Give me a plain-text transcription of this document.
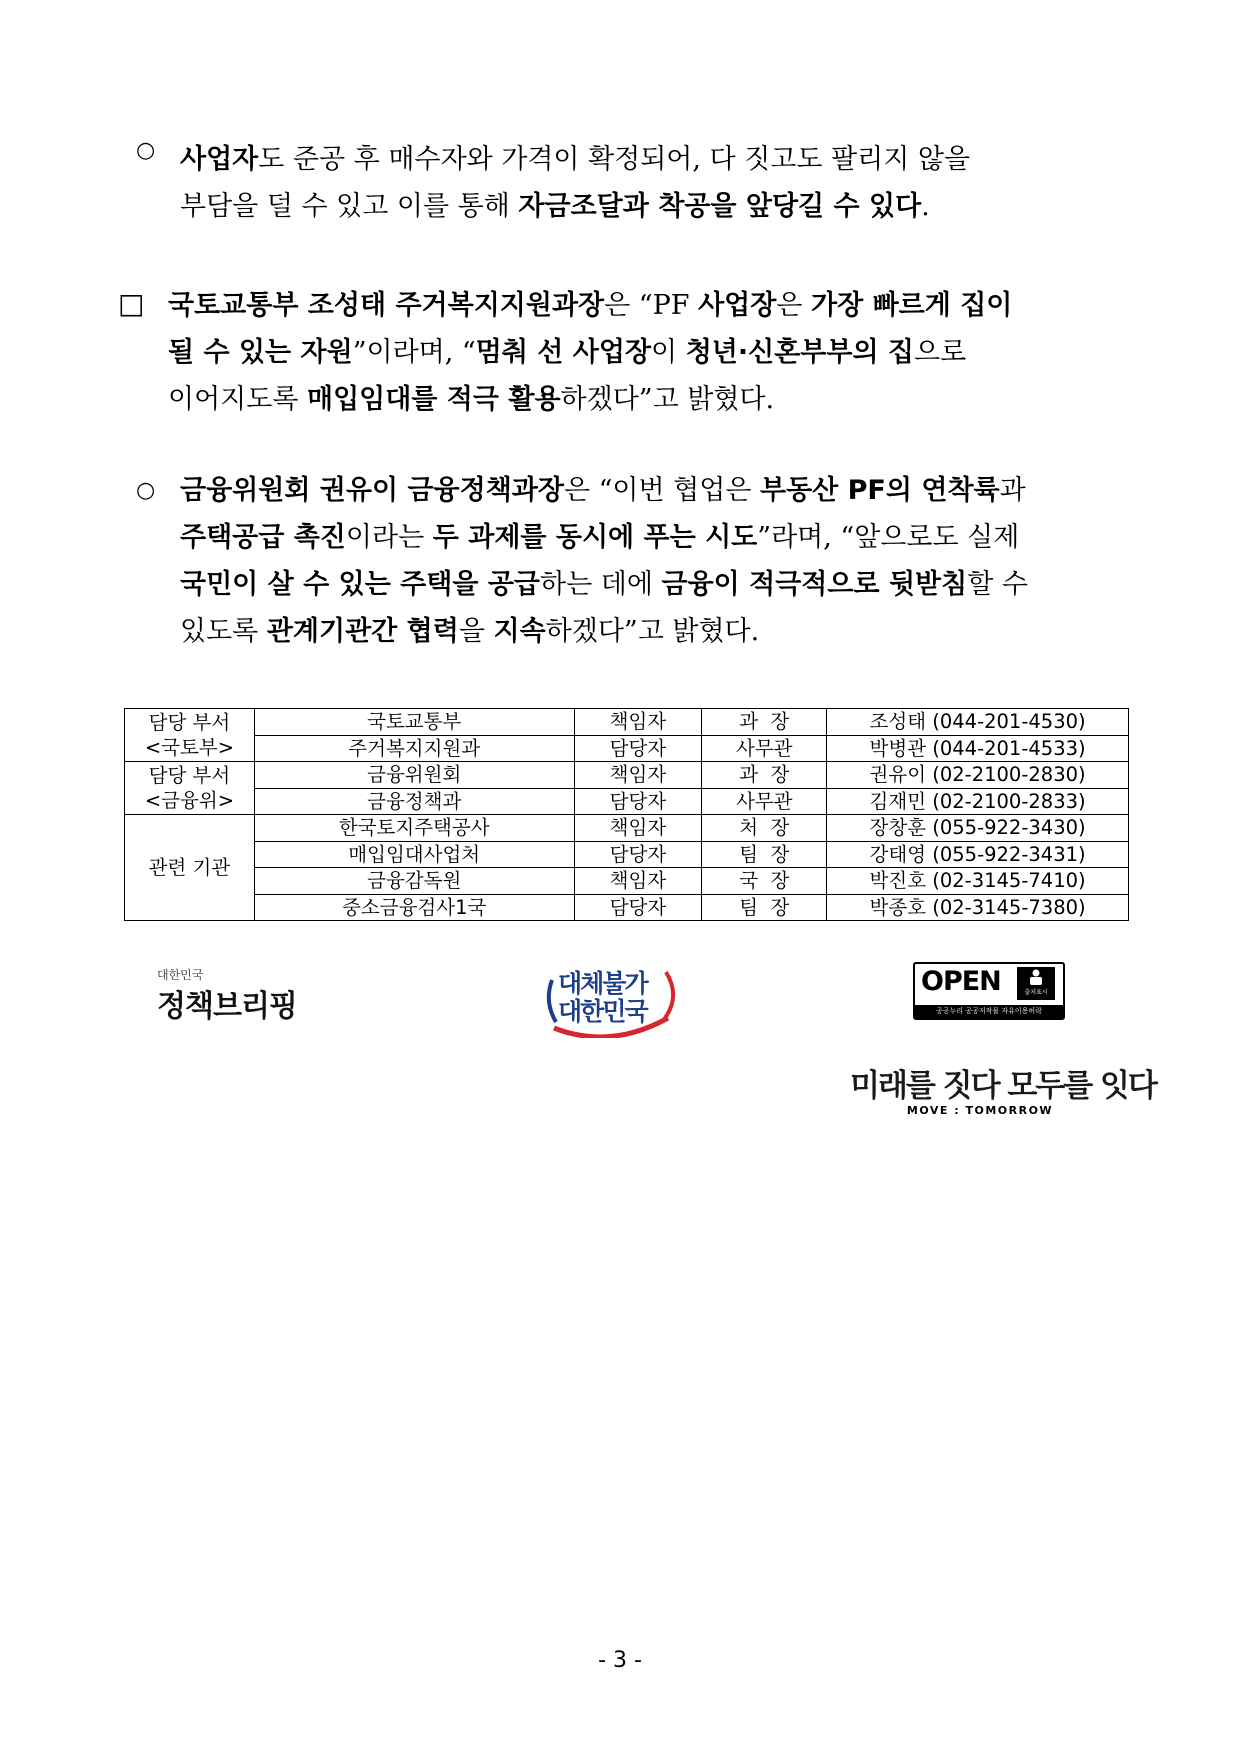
○ 사업자도 준공 후 매수자와 가격이 확정되어, 다 짓고도 팔리지 않을
부담을 덜 수 있고 이를 통해 자금조달과 착공을 앞당길 수 있다.
□ 국토교통부 조성태 주거복지지원과장은 “PF 사업장은 가장 빠르게 집이
될 수 있는 자원”이라며, “멈춰 선 사업장이 청년·신혼부부의 집으로
이어지도록 매입임대를 적극 활용하겠다”고 밝혔다.
○ 금융위원회 권유이 금융정책과장은 “이번 협업은 부동산 PF의 연착륙과
주택공급 촉진이라는 두 과제를 동시에 푸는 시도”라며, “앞으로도 실제
국민이 살 수 있는 주택을 공급하는 데에 금융이 적극적으로 뒷받침할 수
있도록 관계기관간 협력을 지속하겠다”고 밝혔다.
담당 부서
<국토부>	국토교통부	책임자	과  장	조성태 (044-201-4530)
	주거복지지원과	담당자	사무관	박병관 (044-201-4533)

담당 부서
<금융위>	금융위원회	책임자	과  장	권유이 (02-2100-2830)
	금융정책과	담당자	사무관	김재민 (02-2100-2833)

관련 기관	한국토지주택공사	책임자	처  장	장창훈 (055-922-3430)
	매입임대사업처	담당자	팀  장	강태영 (055-922-3431)
	금융감독원	책임자	국  장	박진호 (02-3145-7410)
	중소금융검사1국	담당자	팀  장	박종호 (02-3145-7380)
대한민국
정책브리핑
대체불가
대한민국
OPEN	출처표시
공공누리 공공저작물 자유이용허락
미래를 짓다 모두를 잇다
MOVE : TOMORROW
- 3 -
